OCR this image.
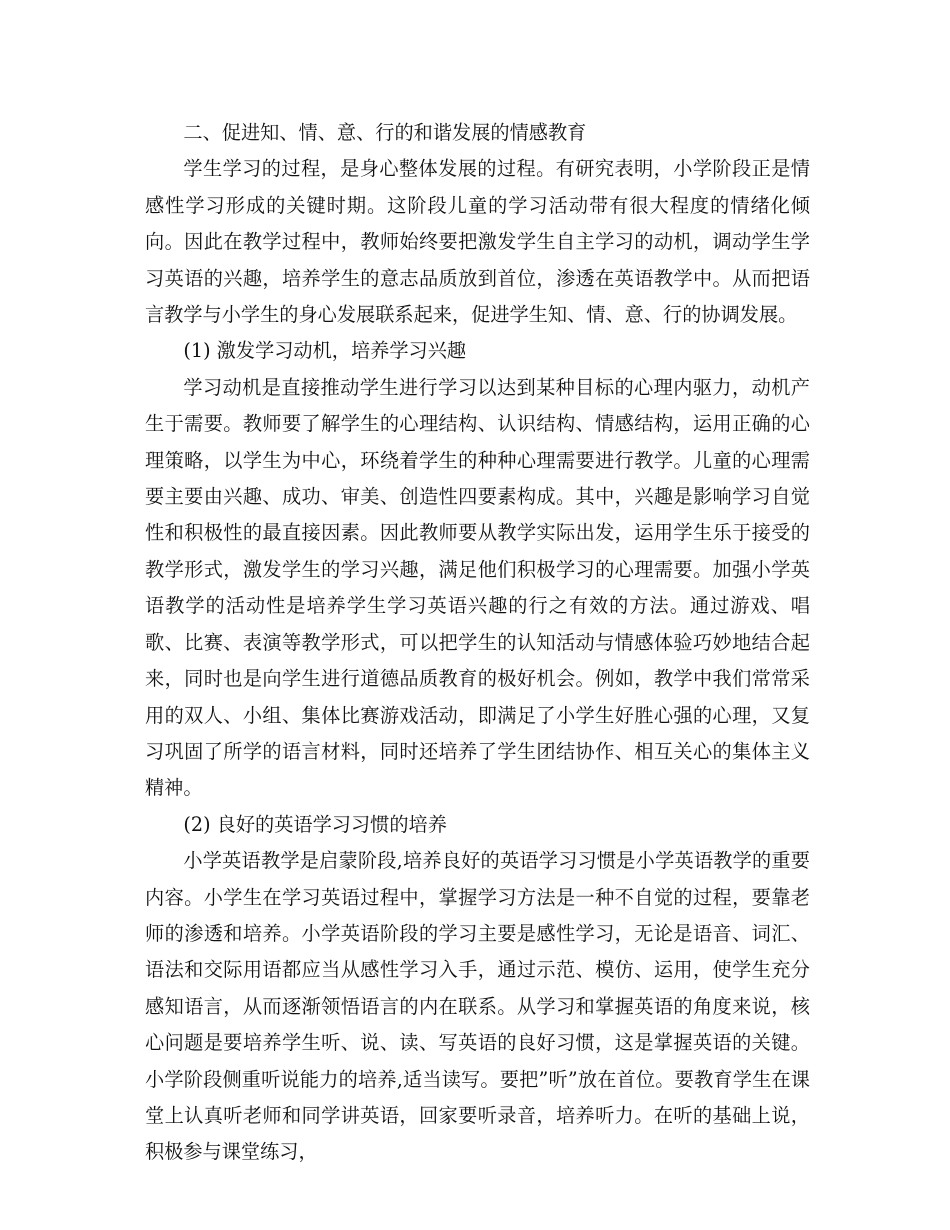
二、促进知、情、意、行的和谐发展的情感教育

学生学习的过程，是身心整体发展的过程。有研究表明，小学阶段正是情感性学习形成的关键时期。这阶段儿童的学习活动带有很大程度的情绪化倾向。因此在教学过程中，教师始终要把激发学生自主学习的动机，调动学生学习英语的兴趣，培养学生的意志品质放到首位，渗透在英语教学中。从而把语言教学与小学生的身心发展联系起来，促进学生知、情、意、行的协调发展。

(1) 激发学习动机，培养学习兴趣

学习动机是直接推动学生进行学习以达到某种目标的心理内驱力，动机产生于需要。教师要了解学生的心理结构、认识结构、情感结构，运用正确的心理策略，以学生为中心，环绕着学生的种种心理需要进行教学。儿童的心理需要主要由兴趣、成功、审美、创造性四要素构成。其中，兴趣是影响学习自觉性和积极性的最直接因素。因此教师要从教学实际出发，运用学生乐于接受的教学形式，激发学生的学习兴趣，满足他们积极学习的心理需要。加强小学英语教学的活动性是培养学生学习英语兴趣的行之有效的方法。通过游戏、唱歌、比赛、表演等教学形式，可以把学生的认知活动与情感体验巧妙地结合起来，同时也是向学生进行道德品质教育的极好机会。例如，教学中我们常常采用的双人、小组、集体比赛游戏活动，即满足了小学生好胜心强的心理，又复习巩固了所学的语言材料，同时还培养了学生团结协作、相互关心的集体主义精神。

(2) 良好的英语学习习惯的培养

小学英语教学是启蒙阶段,培养良好的英语学习习惯是小学英语教学的重要内容。小学生在学习英语过程中，掌握学习方法是一种不自觉的过程，要靠老师的渗透和培养。小学英语阶段的学习主要是感性学习，无论是语音、词汇、语法和交际用语都应当从感性学习入手，通过示范、模仿、运用，使学生充分感知语言，从而逐渐领悟语言的内在联系。从学习和掌握英语的角度来说，核心问题是要培养学生听、说、读、写英语的良好习惯，这是掌握英语的关键。小学阶段侧重听说能力的培养,适当读写。要把”听”放在首位。要教育学生在课堂上认真听老师和同学讲英语，回家要听录音，培养听力。在听的基础上说，积极参与课堂练习，
